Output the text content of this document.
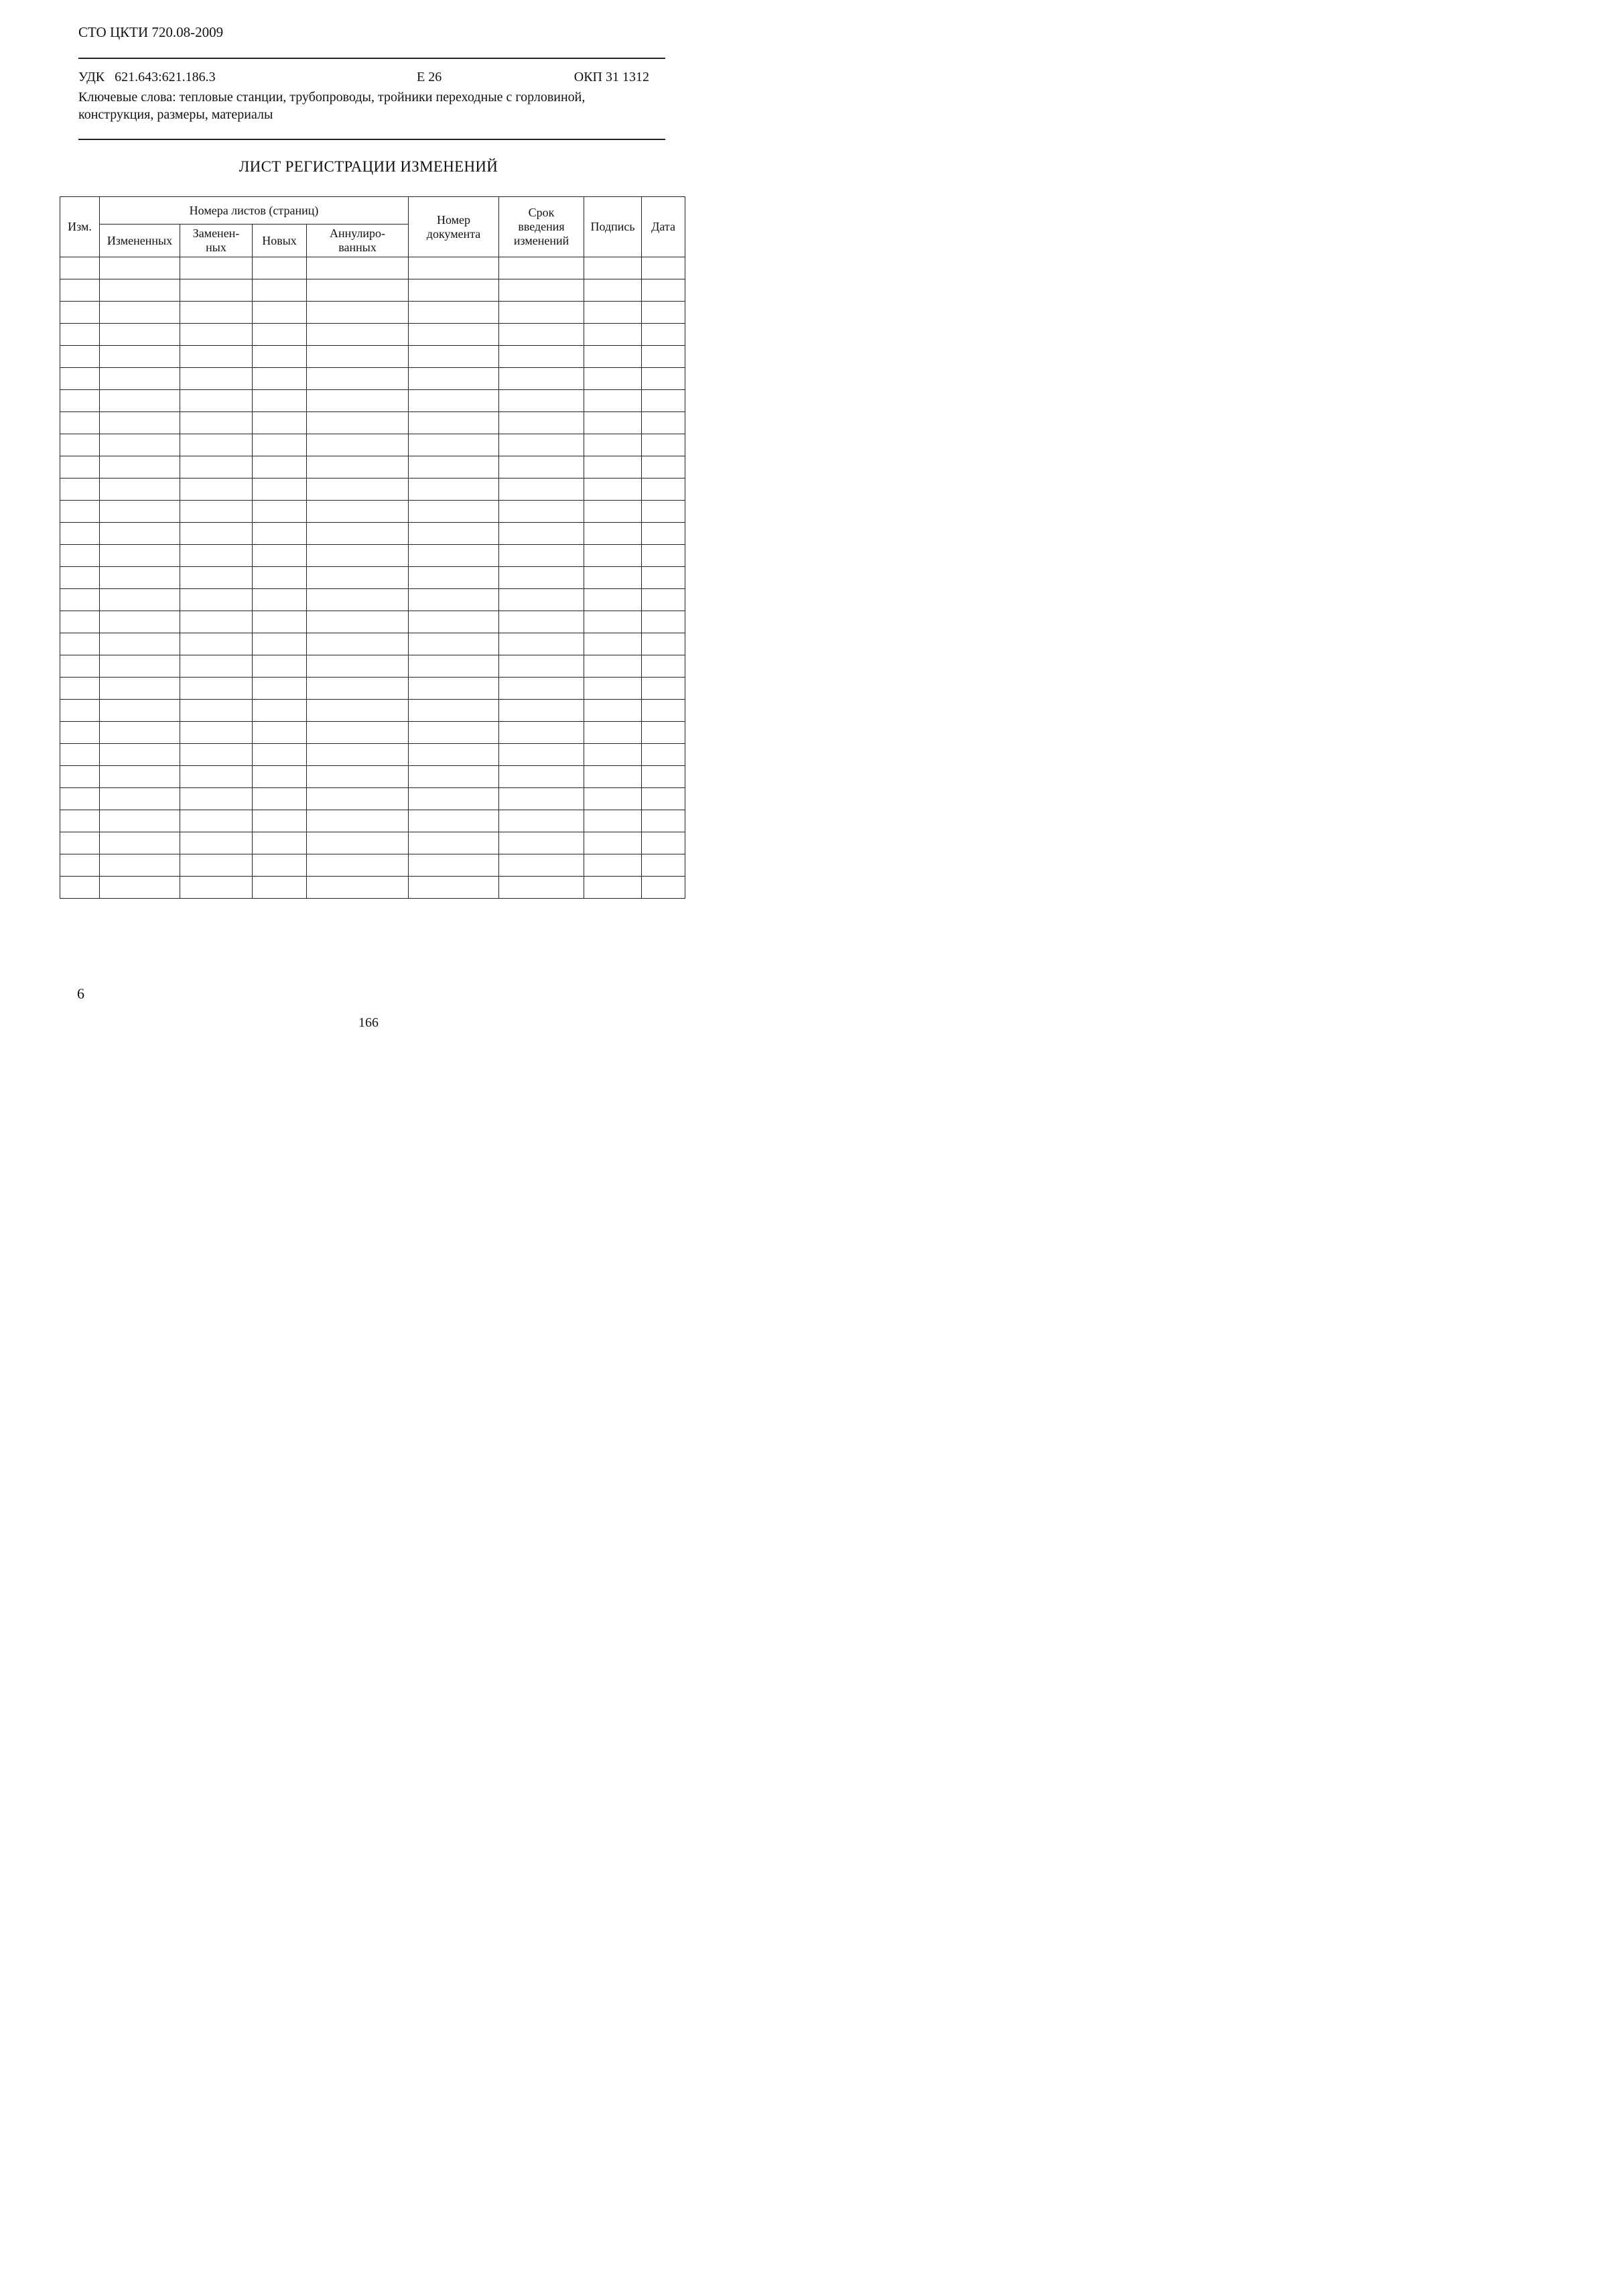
СТО ЦКТИ 720.08-2009
УДК   621.643:621.186.3	Е 26	ОКП 31 1312
Ключевые слова: тепловые станции, трубопроводы, тройники переходные с горловиной,
конструкция, размеры, материалы
ЛИСТ РЕГИСТРАЦИИ ИЗМЕНЕНИЙ
Изм.	Номера листов (страниц)				Номер документа	Срок введения изменений	Подпись	Дата
	Измененных	Заменен-ных	Новых	Аннулиро-ванных				

6
166
